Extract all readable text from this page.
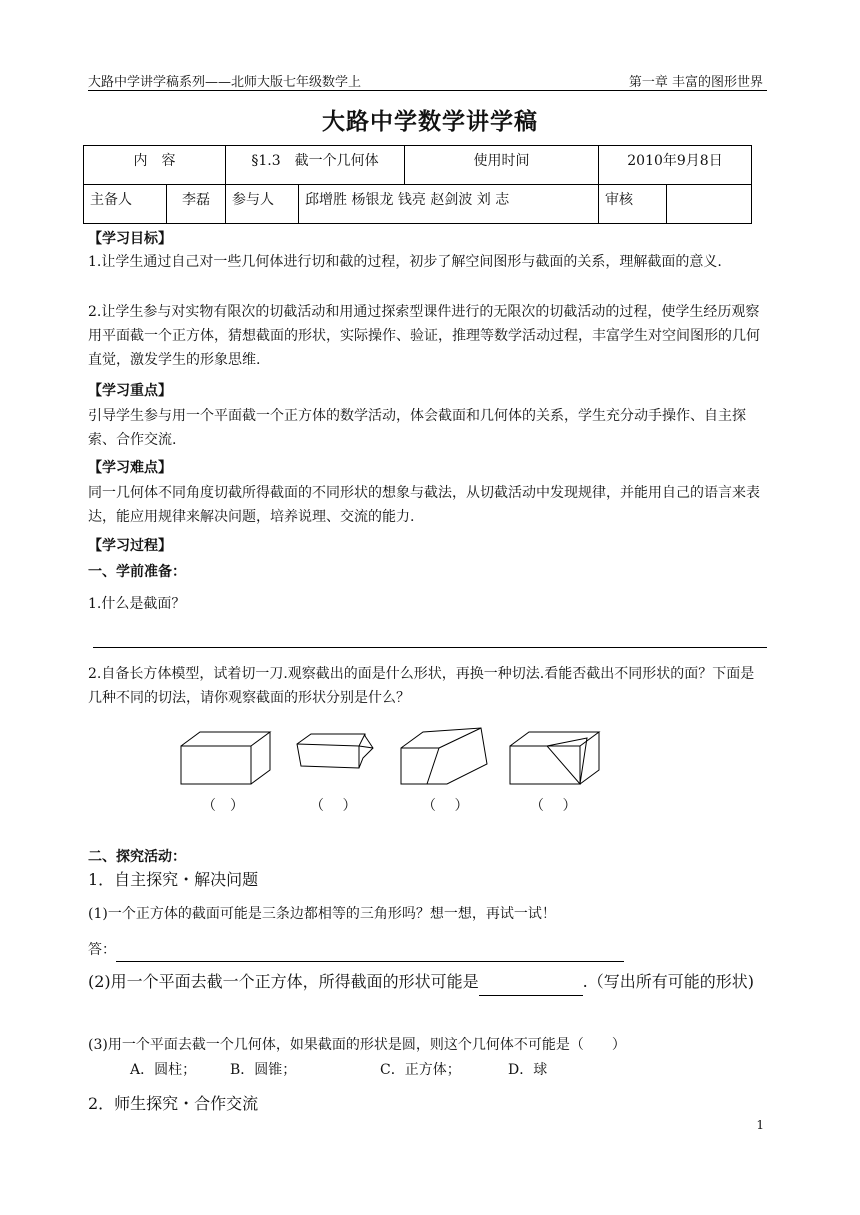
大路中学讲学稿系列——北师大版七年级数学上	第一章 丰富的图形世界
大路中学数学讲学稿
内　容		§1.3　截一个几何体		使用时间	2010年9月8日	
主备人	李磊	参与人	邱增胜 杨银龙 钱亮 赵剑波 刘 志		审核	
【学习目标】
1.让学生通过自己对一些几何体进行切和截的过程，初步了解空间图形与截面的关系，理解截面的意义.
2.让学生参与对实物有限次的切截活动和用通过探索型课件进行的无限次的切截活动的过程，使学生经历观察用平面截一个正方体，猜想截面的形状，实际操作、验证，推理等数学活动过程，丰富学生对空间图形的几何直觉，激发学生的形象思维.
【学习重点】
引导学生参与用一个平面截一个正方体的数学活动，体会截面和几何体的关系，学生充分动手操作、自主探索、合作交流.
【学习难点】
同一几何体不同角度切截所得截面的不同形状的想象与截法，从切截活动中发现规律，并能用自己的语言来表达，能应用规律来解决问题，培养说理、交流的能力.
【学习过程】
一、学前准备：
1.什么是截面？
2.自备长方体模型，试着切一刀.观察截出的面是什么形状，再换一种切法.看能否截出不同形状的面？下面是几种不同的切法，请你观察截面的形状分别是什么？
（　）	（　 ）	（　 ）	（　 ）
二、探究活动：
1．自主探究・解决问题
(1)一个正方体的截面可能是三条边都相等的三角形吗？想一想，再试一试！
答：
(2)用一个平面去截一个正方体，所得截面的形状可能是	.（写出所有可能的形状)
(3)用一个平面去截一个几何体，如果截面的形状是圆，则这个几何体不可能是（　　）
A．圆柱； B．圆锥；	C．正方体；	D．球
2．师生探究・合作交流
1
